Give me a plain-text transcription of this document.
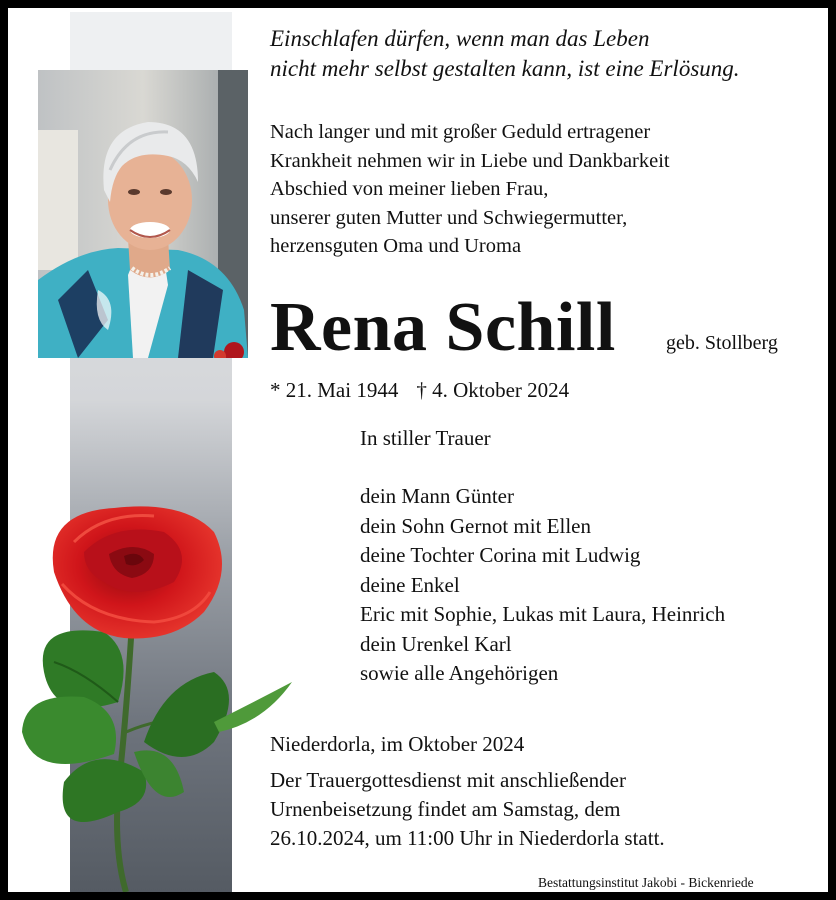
Einschlafen dürfen, wenn man das Leben
nicht mehr selbst gestalten kann, ist eine Erlösung.
Nach langer und mit großer Geduld ertragener
Krankheit nehmen wir in Liebe und Dankbarkeit
Abschied von meiner lieben Frau,
unserer guten Mutter und Schwiegermutter,
herzensguten Oma und Uroma
Rena Schill	geb. Stollberg
* 21. Mai 1944 † 4. Oktober 2024
In stiller Trauer
dein Mann Günter
dein Sohn Gernot mit Ellen
deine Tochter Corina mit Ludwig
deine Enkel
Eric mit Sophie, Lukas mit Laura, Heinrich
dein Urenkel Karl
sowie alle Angehörigen
Niederdorla, im Oktober 2024
Der Trauergottesdienst mit anschließender
Urnenbeisetzung findet am Samstag, dem
26.10.2024, um 11:00 Uhr in Niederdorla statt.
Bestattungsinstitut Jakobi - Bickenriede
